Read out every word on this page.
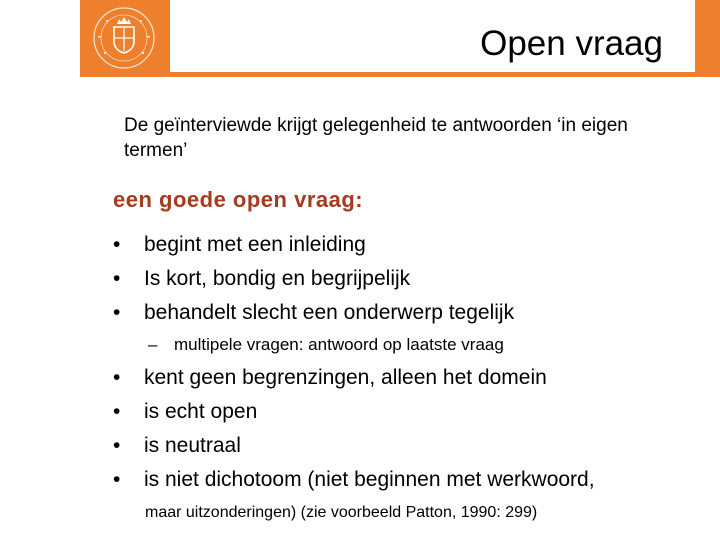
Open vraag
De geïnterviewde krijgt gelegenheid te antwoorden ‘in eigen termen’
een goede open vraag:
• begint met een inleiding
• Is kort, bondig en begrijpelijk
• behandelt slecht een onderwerp tegelijk
– multipele vragen: antwoord op laatste vraag
• kent geen begrenzingen, alleen het domein
• is echt open
• is neutraal
• is niet dichotoom (niet beginnen met werkwoord,
maar uitzonderingen) (zie voorbeeld Patton, 1990: 299)
